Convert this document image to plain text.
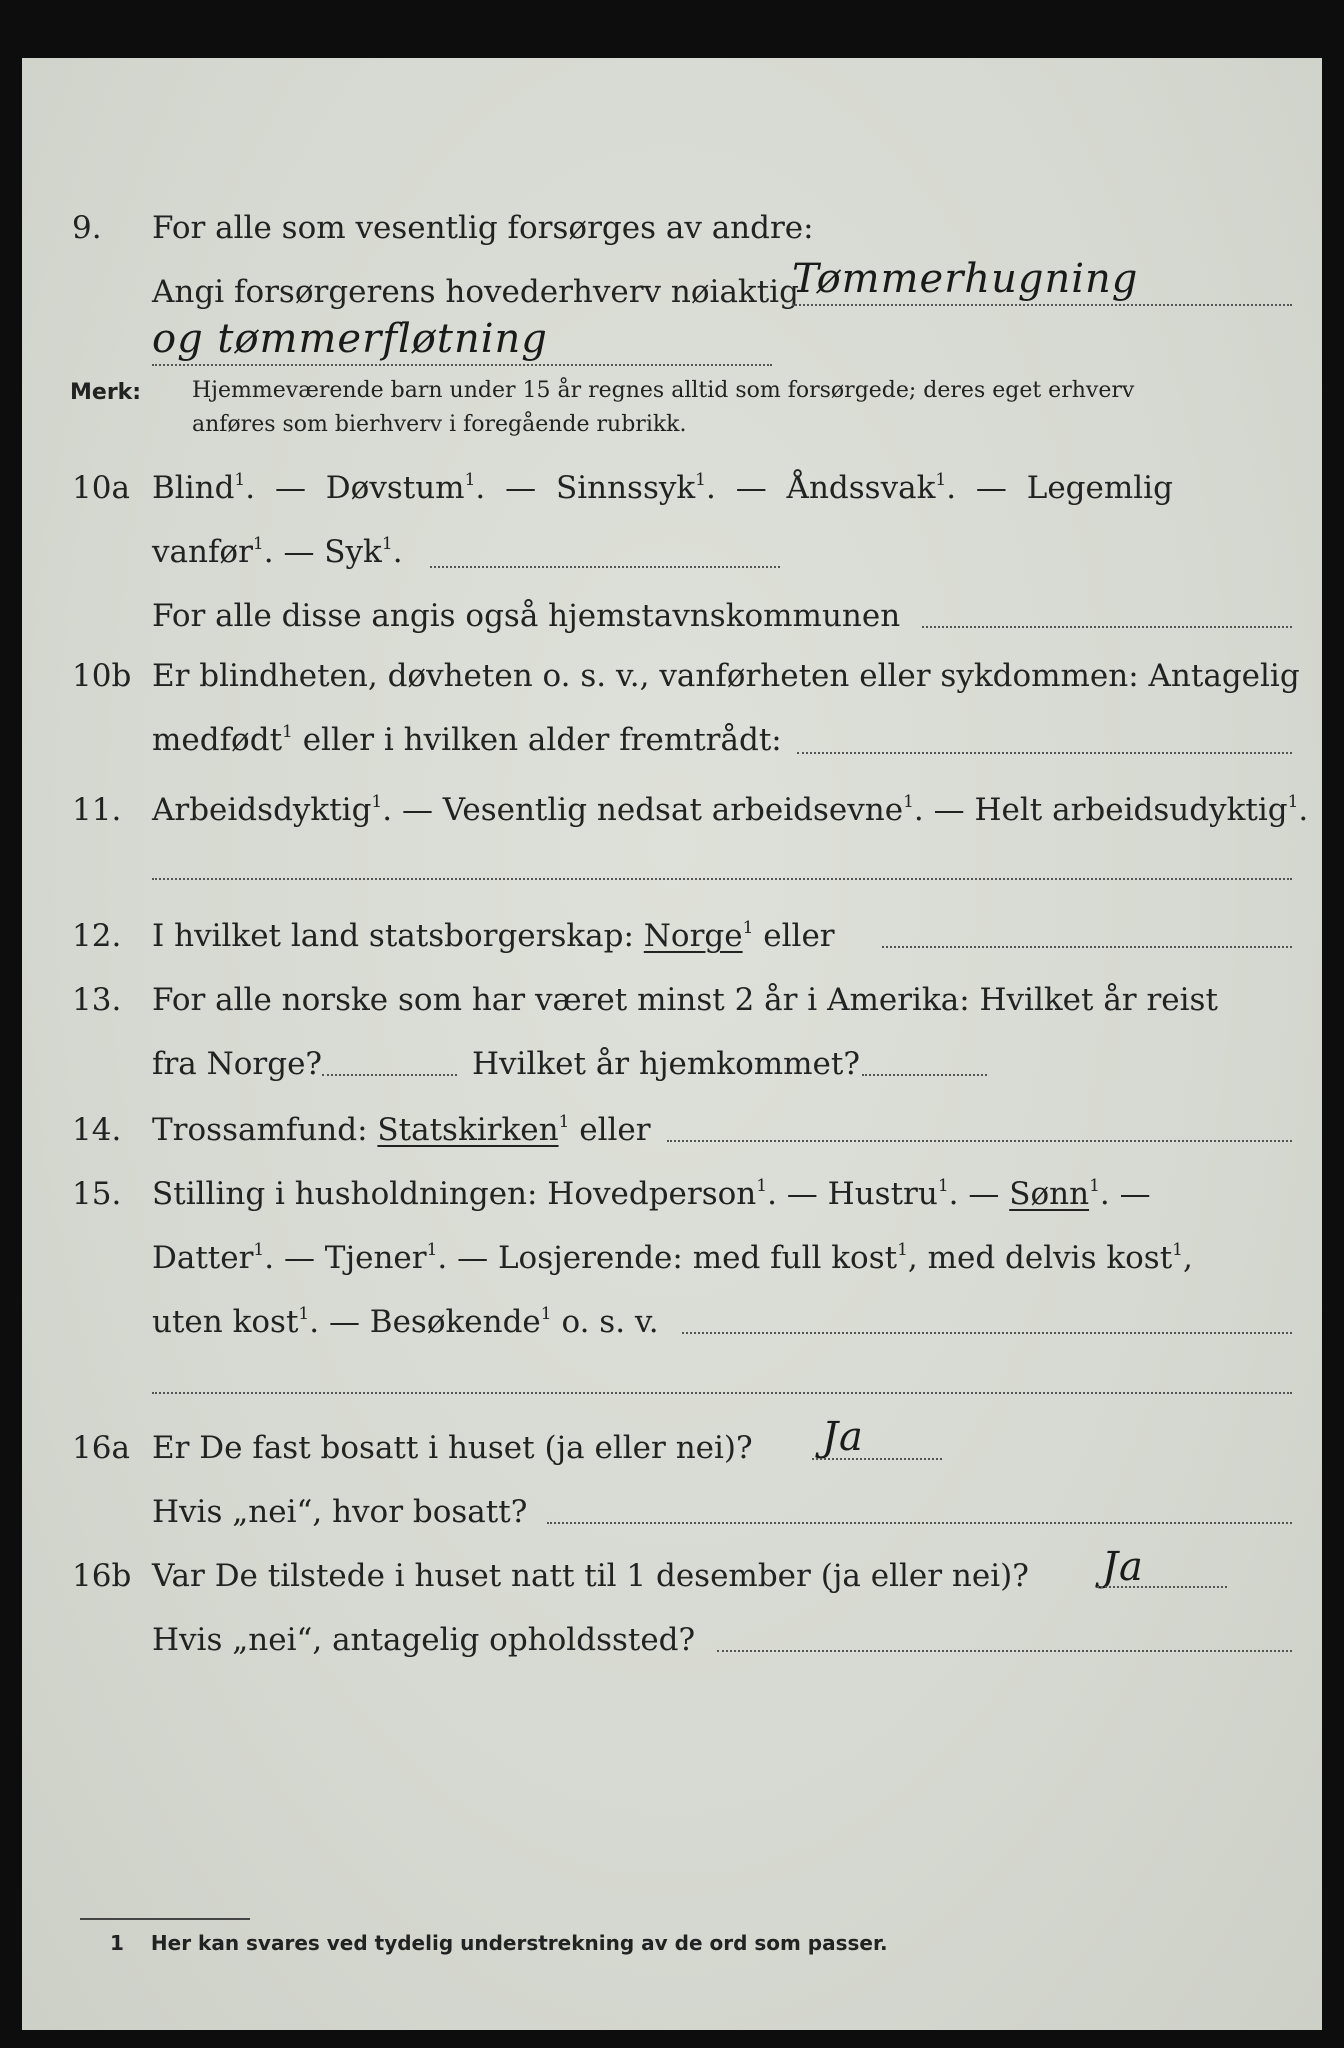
9. For alle som vesentlig forsørges av andre:
Angi forsørgerens hovederhverv nøiaktig
Tømmerhugning
og tømmerfløtning
Merk: Hjemmeværende barn under 15 år regnes alltid som forsørgede; deres eget erhverv
anføres som bierhverv i foregående rubrikk.
10a Blind$^1$. — Døvstum$^1$. — Sinnssyk$^1$. — Åndssvak$^1$. — Legemlig
vanfør$^1$. — Syk$^1$.
For alle disse angis også hjemstavnskommunen
10b Er blindheten, døvheten o. s. v., vanførheten eller sykdommen: Antagelig
medfødt$^1$ eller i hvilken alder fremtrådt:
11. Arbeidsdyktig$^1$. — Vesentlig nedsat arbeidsevne$^1$. — Helt arbeidsudyktig$^1$.
12. I hvilket land statsborgerskap: Norge$^1$ eller
13. For alle norske som har været minst 2 år i Amerika: Hvilket år reist
fra Norge?	Hvilket år hjemkommet?
14. Trossamfund: Statskirken$^1$ eller
15. Stilling i husholdningen: Hovedperson$^1$. — Hustru$^1$. — Sønn$^1$. —
Datter$^1$. — Tjener$^1$. — Losjerende: med full kost$^1$, med delvis kost$^1$,
uten kost$^1$. — Besøkende$^1$ o. s. v.
16a Er De fast bosatt i huset (ja eller nei)? Ja
Hvis „nei“, hvor bosatt?
16b Var De tilstede i huset natt til 1 desember (ja eller nei)? Ja
Hvis „nei“, antagelig opholdssted?
1 Her kan svares ved tydelig understrekning av de ord som passer.
